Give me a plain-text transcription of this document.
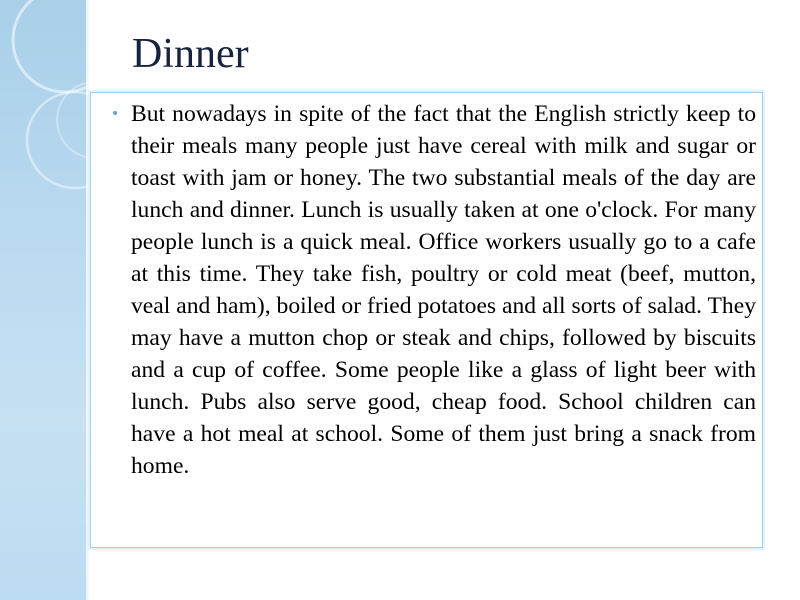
Dinner
• But nowadays in spite of the fact that the English strictly keep to their meals many people just have cereal with milk and sugar or toast with jam or honey. The two substantial meals of the day are lunch and dinner. Lunch is usually taken at one o'clock. For many people lunch is a quick meal. Office workers usually go to a cafe at this time. They take fish, poultry or cold meat (beef, mutton, veal and ham), boiled or fried potatoes and all sorts of salad. They may have a mutton chop or steak and chips, followed by biscuits and a cup of coffee. Some people like a glass of light beer with lunch. Pubs also serve good, cheap food. School children can have a hot meal at school. Some of them just bring a snack from home.
